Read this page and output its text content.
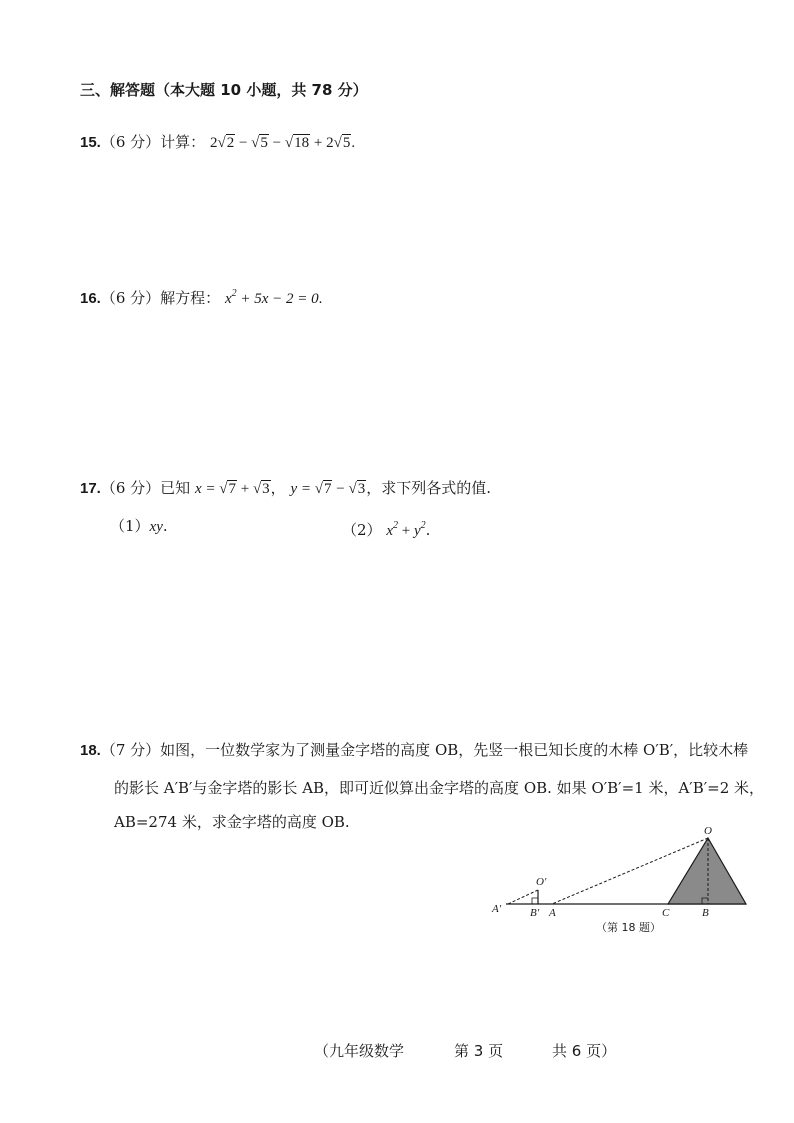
三、解答题（本大题 10 小题，共 78 分）
15.（6 分）计算： 2√2 − √5 − √18 + 2√5.
16.（6 分）解方程： $x^2 + 5x - 2 = 0$.
17.（6 分）已知 x = √7 + √3， y = √7 − √3，求下列各式的值.
（1）xy.	（2） $x^2 + y^2$.
18.（7 分）如图，一位数学家为了测量金字塔的高度 OB，先竖一根已知长度的木棒 O′B′，比较木棒
的影长 A′B′与金字塔的影长 AB，即可近似算出金字塔的高度 OB. 如果 O′B′=1 米，A′B′=2 米，
AB=274 米，求金字塔的高度 OB.	O
O′
A′	B′ A	C	B
（第 18 题）
（九年级数学	第 3 页	共 6 页）
